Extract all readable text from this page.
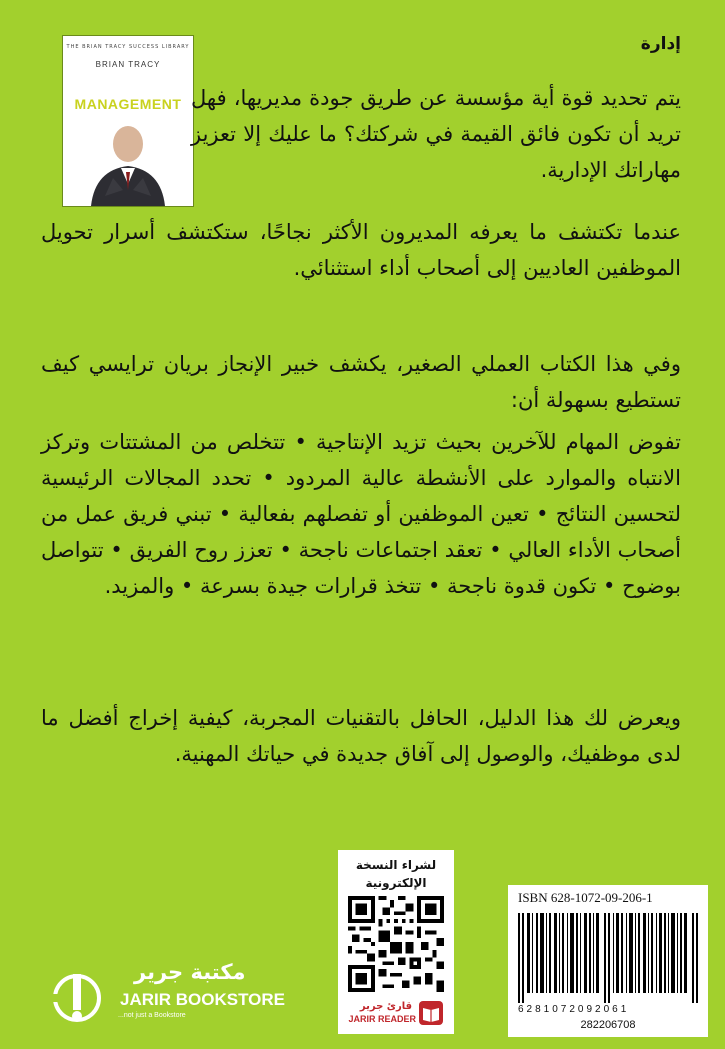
إدارة
THE BRIAN TRACY SUCCESS LIBRARY
BRIAN TRACY
MANAGEMENT يتم تحديد قوة أية مؤسسة عن طريق جودة مديريها، فهل تريد أن تكون فائق القيمة في شركتك؟ ما عليك إلا تعزيز مهاراتك الإدارية.

عندما تكتشف ما يعرفه المديرون الأكثر نجاحًا، ستكتشف أسرار تحويل الموظفين العاديين إلى أصحاب أداء استثنائي.

وفي هذا الكتاب العملي الصغير، يكشف خبير الإنجاز بريان ترايسي كيف تستطيع بسهولة أن:

تفوض المهام للآخرين بحيث تزيد الإنتاجية • تتخلص من المشتتات وتركز الانتباه والموارد على الأنشطة عالية المردود • تحدد المجالات الرئيسية لتحسين النتائج • تعين الموظفين أو تفصلهم بفعالية • تبني فريق عمل من أصحاب الأداء العالي • تعقد اجتماعات ناجحة • تعزز روح الفريق • تتواصل بوضوح • تكون قدوة ناجحة • تتخذ قرارات جيدة بسرعة • والمزيد.

ويعرض لك هذا الدليل، الحافل بالتقنيات المجربة، كيفية إخراج أفضل ما لدى موظفيك، والوصول إلى آفاق جديدة في حياتك المهنية.

لشراء النسخة
الإلكترونية
قارئ جرير
JARIR READER
ISBN 628-1072-09-206-1
6281072092061
282206708
مكتبة جرير
JARIR BOOKSTORE
...not just a Bookstore
